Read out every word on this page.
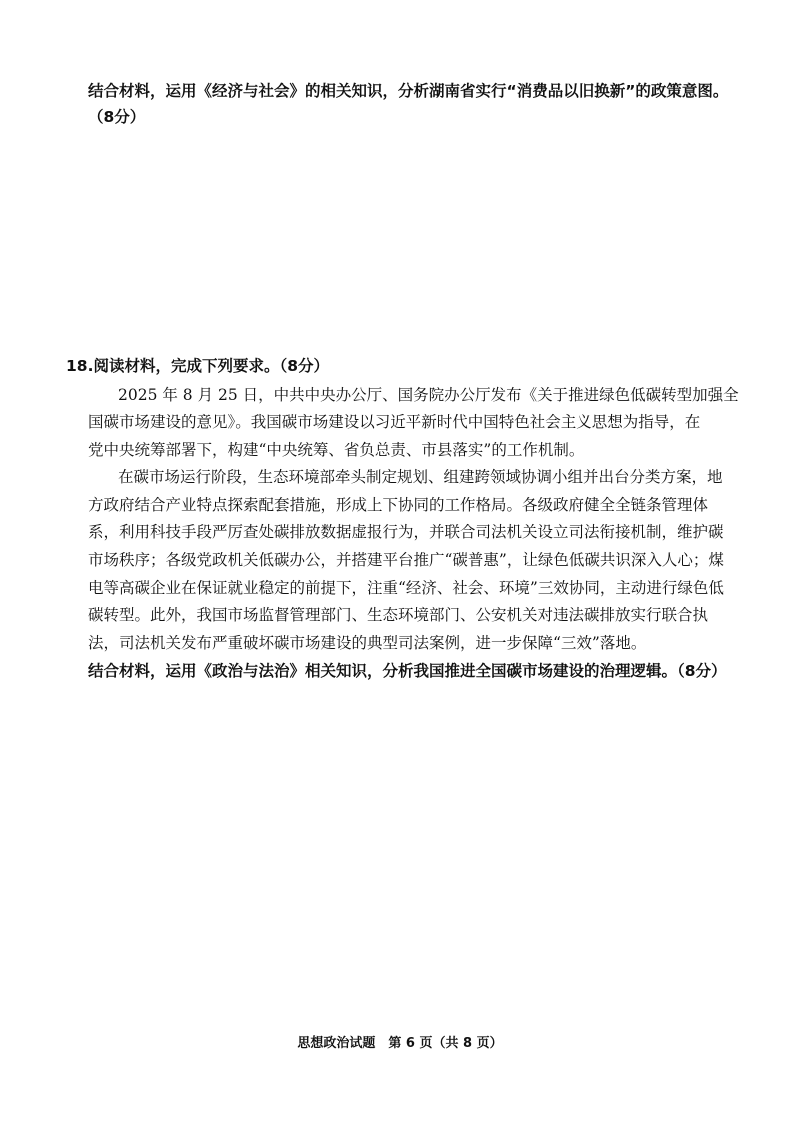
结合材料，运用《经济与社会》的相关知识，分析湖南省实行“消费品以旧换新”的政策意图。
（8分）
18.阅读材料，完成下列要求。（8分）
2025 年 8 月 25 日，中共中央办公厅、国务院办公厅发布《关于推进绿色低碳转型加强全
国碳市场建设的意见》。我国碳市场建设以习近平新时代中国特色社会主义思想为指导，在
党中央统筹部署下，构建“中央统筹、省负总责、市县落实”的工作机制。
在碳市场运行阶段，生态环境部牵头制定规划、组建跨领域协调小组并出台分类方案，地
方政府结合产业特点探索配套措施，形成上下协同的工作格局。各级政府健全全链条管理体
系，利用科技手段严厉查处碳排放数据虚报行为，并联合司法机关设立司法衔接机制，维护碳
市场秩序；各级党政机关低碳办公，并搭建平台推广“碳普惠”，让绿色低碳共识深入人心；煤
电等高碳企业在保证就业稳定的前提下，注重“经济、社会、环境”三效协同，主动进行绿色低
碳转型。此外，我国市场监督管理部门、生态环境部门、公安机关对违法碳排放实行联合执
法，司法机关发布严重破坏碳市场建设的典型司法案例，进一步保障“三效”落地。
结合材料，运用《政治与法治》相关知识，分析我国推进全国碳市场建设的治理逻辑。（8分）
思想政治试题　第 6 页（共 8 页）
